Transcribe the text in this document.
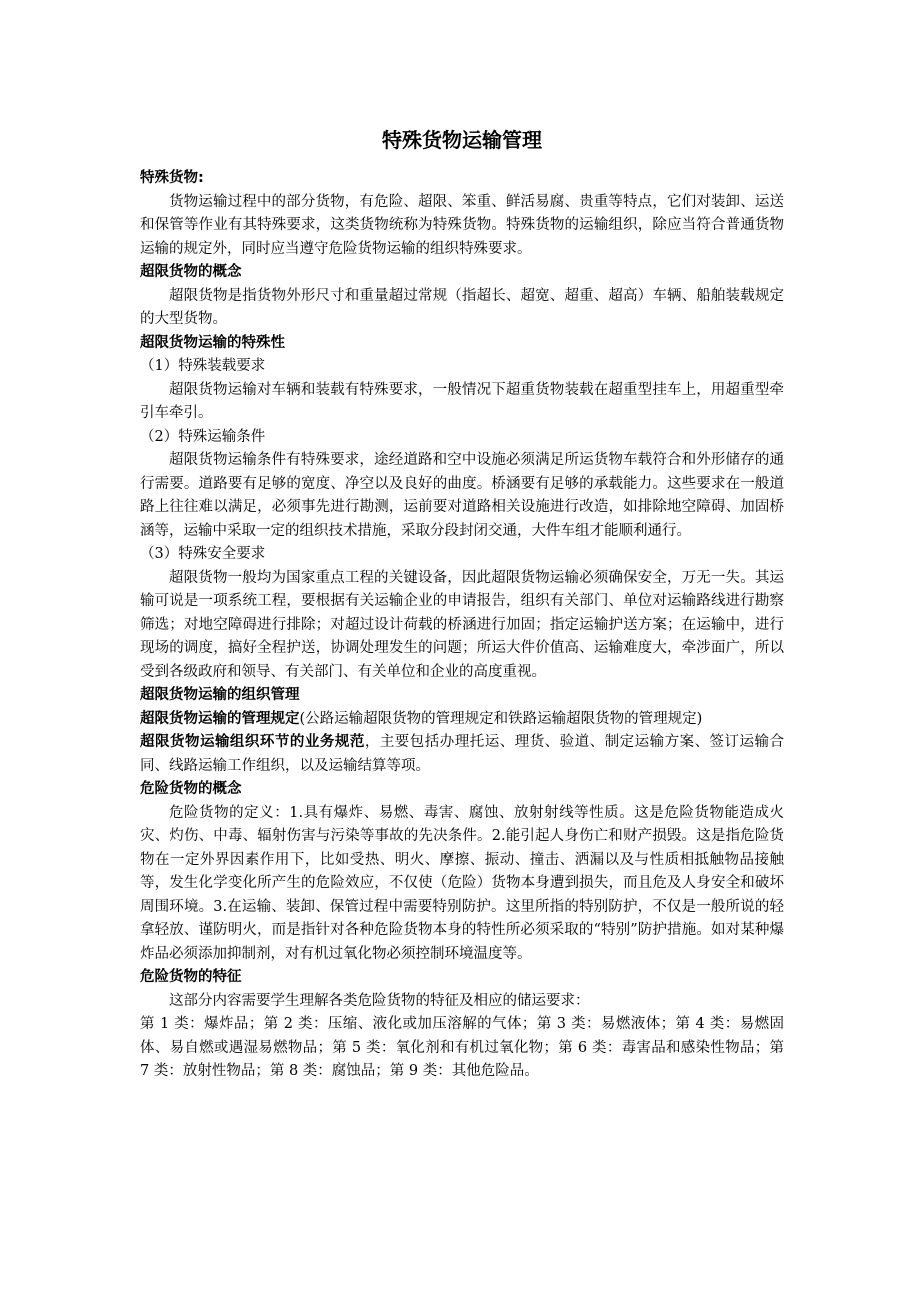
特殊货物运输管理
特殊货物:

货物运输过程中的部分货物，有危险、超限、笨重、鲜活易腐、贵重等特点，它们对装卸、运送和保管等作业有其特殊要求，这类货物统称为特殊货物。特殊货物的运输组织，除应当符合普通货物运输的规定外，同时应当遵守危险货物运输的组织特殊要求。

超限货物的概念

超限货物是指货物外形尺寸和重量超过常规（指超长、超宽、超重、超高）车辆、船舶装载规定的大型货物。

超限货物运输的特殊性
（1）特殊装载要求

超限货物运输对车辆和装载有特殊要求，一般情况下超重货物装载在超重型挂车上，用超重型牵引车牵引。

（2）特殊运输条件

超限货物运输条件有特殊要求，途经道路和空中设施必须满足所运货物车载符合和外形储存的通行需要。道路要有足够的宽度、净空以及良好的曲度。桥涵要有足够的承载能力。这些要求在一般道路上往往难以满足，必须事先进行勘测，运前要对道路相关设施进行改造，如排除地空障碍、加固桥涵等，运输中采取一定的组织技术措施，采取分段封闭交通，大件车组才能顺利通行。

（3）特殊安全要求

超限货物一般均为国家重点工程的关键设备，因此超限货物运输必须确保安全，万无一失。其运输可说是一项系统工程，要根据有关运输企业的申请报告，组织有关部门、单位对运输路线进行勘察筛选；对地空障碍进行排除；对超过设计荷载的桥涵进行加固；指定运输护送方案；在运输中，进行现场的调度，搞好全程护送，协调处理发生的问题；所运大件价值高、运输难度大，牵涉面广，所以受到各级政府和领导、有关部门、有关单位和企业的高度重视。

超限货物运输的组织管理

超限货物运输的管理规定(公路运输超限货物的管理规定和铁路运输超限货物的管理规定)

超限货物运输组织环节的业务规范，主要包括办理托运、理货、验道、制定运输方案、签订运输合同、线路运输工作组织，以及运输结算等项。

危险货物的概念

危险货物的定义：1.具有爆炸、易燃、毒害、腐蚀、放射射线等性质。这是危险货物能造成火灾、灼伤、中毒、辐射伤害与污染等事故的先决条件。2.能引起人身伤亡和财产损毁。这是指危险货物在一定外界因素作用下，比如受热、明火、摩擦、振动、撞击、洒漏以及与性质相抵触物品接触等，发生化学变化所产生的危险效应，不仅使（危险）货物本身遭到损失，而且危及人身安全和破坏周围环境。3.在运输、装卸、保管过程中需要特别防护。这里所指的特别防护，不仅是一般所说的轻拿轻放、谨防明火，而是指针对各种危险货物本身的特性所必须采取的“特别”防护措施。如对某种爆炸品必须添加抑制剂，对有机过氧化物必须控制环境温度等。

危险货物的特征

这部分内容需要学生理解各类危险货物的特征及相应的储运要求：

第 1 类：爆炸品；第 2 类：压缩、液化或加压溶解的气体；第 3 类：易燃液体；第 4 类：易燃固体、易自燃或遇湿易燃物品；第 5 类：氧化剂和有机过氧化物；第 6 类：毒害品和感染性物品；第 7 类：放射性物品；第 8 类：腐蚀品；第 9 类：其他危险品。
